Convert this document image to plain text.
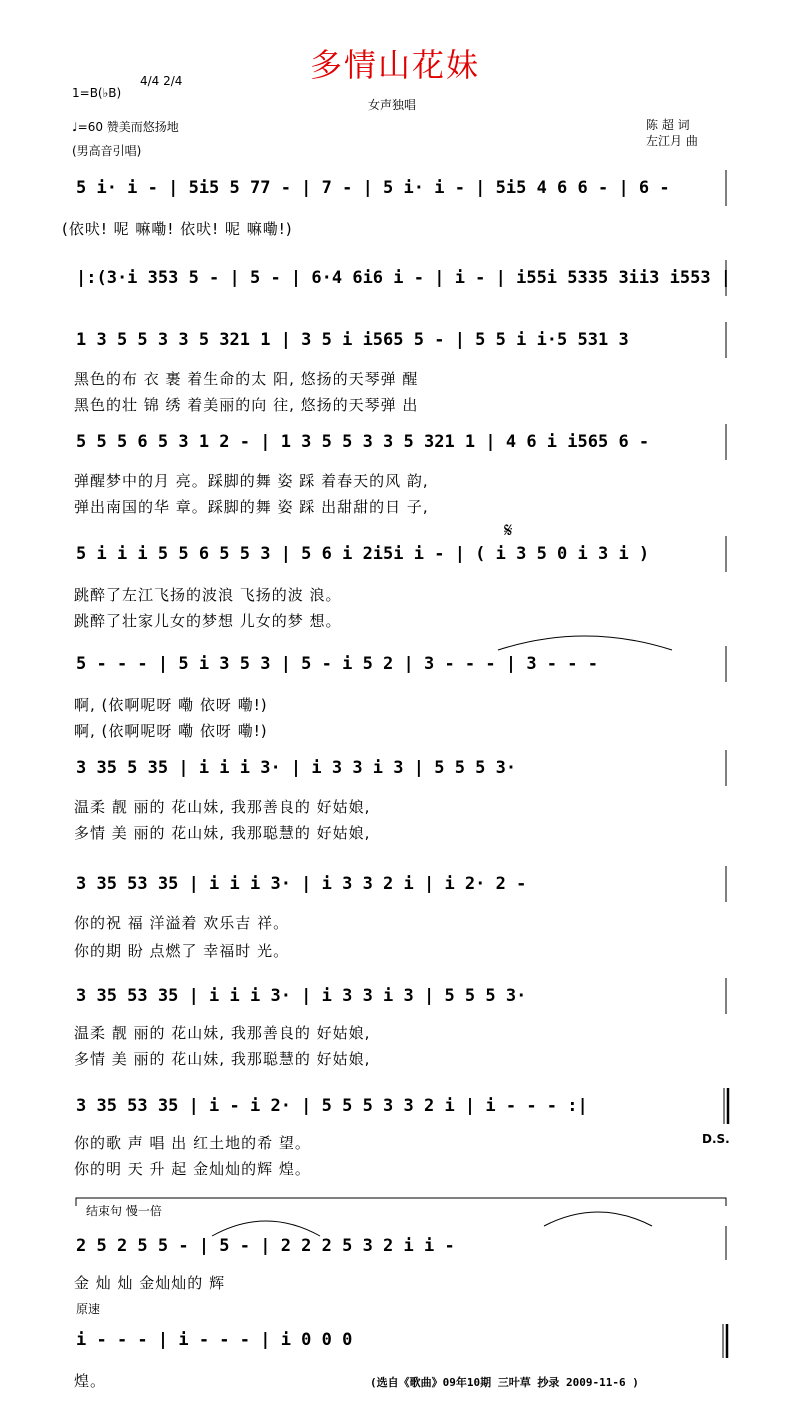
多情山花妹
1=B(♭B)
4/4 2/4
♩=60 赞美而悠扬地
(男高音引唱)
女声独唱
陈 超 词
左江月 曲
5 i· i - | 5i5 5 77 - | 7 - | 5 i· i - | 5i5 4 6 6 - | 6 -
(依吠! 呢 嘛嘞! 依吠! 呢 嘛嘞!)
|:(3·i 353 5 - | 5 - | 6·4 6i6 i - | i - | i55i 5335 3ii3 i553 |
1 3 5 5 3 3 5 321 1 | 3 5 i i565 5 - | 5 5 i i·5 531 3
黑色的布 衣 裹 着生命的太 阳, 悠扬的天琴弹 醒
黑色的壮 锦 绣 着美丽的向 往, 悠扬的天琴弹 出
5 5 5 6 5 3 1 2 - | 1 3 5 5 3 3 5 321 1 | 4 6 i i565 6 -
弹醒梦中的月 亮。踩脚的舞 姿 踩 着春天的风 韵,
弹出南国的华 章。踩脚的舞 姿 踩 出甜甜的日 子,
𝄋
5 i i i 5 5 6 5 5 3 | 5 6 i 2i5i i - | ( i 3 5 0 i 3 i )
跳醉了左江飞扬的波浪 飞扬的波 浪。
跳醉了壮家儿女的梦想 儿女的梦 想。
5 - - - | 5 i 3 5 3 | 5 - i 5 2 | 3 - - - | 3 - - -
啊, (依啊呢呀 嘞 依呀 嘞!)
啊, (依啊呢呀 嘞 依呀 嘞!)
3 35 5 35 | i i i 3· | i 3 3 i 3 | 5 5 5 3·
温柔 靓 丽的 花山妹, 我那善良的 好姑娘,
多情 美 丽的 花山妹, 我那聪慧的 好姑娘,
3 35 53 35 | i i i 3· | i 3 3 2 i | i 2· 2 -
你的祝 福 洋溢着 欢乐吉 祥。
你的期 盼 点燃了 幸福时 光。
3 35 53 35 | i i i 3· | i 3 3 i 3 | 5 5 5 3·
温柔 靓 丽的 花山妹, 我那善良的 好姑娘,
多情 美 丽的 花山妹, 我那聪慧的 好姑娘,
3 35 53 35 | i - i 2· | 5 5 5 3 3 2 i | i - - - :|
D.S.
你的歌 声 唱 出 红土地的希 望。
你的明 天 升 起 金灿灿的辉 煌。
结束句 慢一倍
2 5 2 5 5 - | 5 - | 2 2 2 5 3 2 i i -
金 灿 灿 金灿灿的 辉
原速
i - - - | i - - - | i 0 0 0
煌。	(选自《歌曲》09年10期 三叶草 抄录 2009-11-6 )
